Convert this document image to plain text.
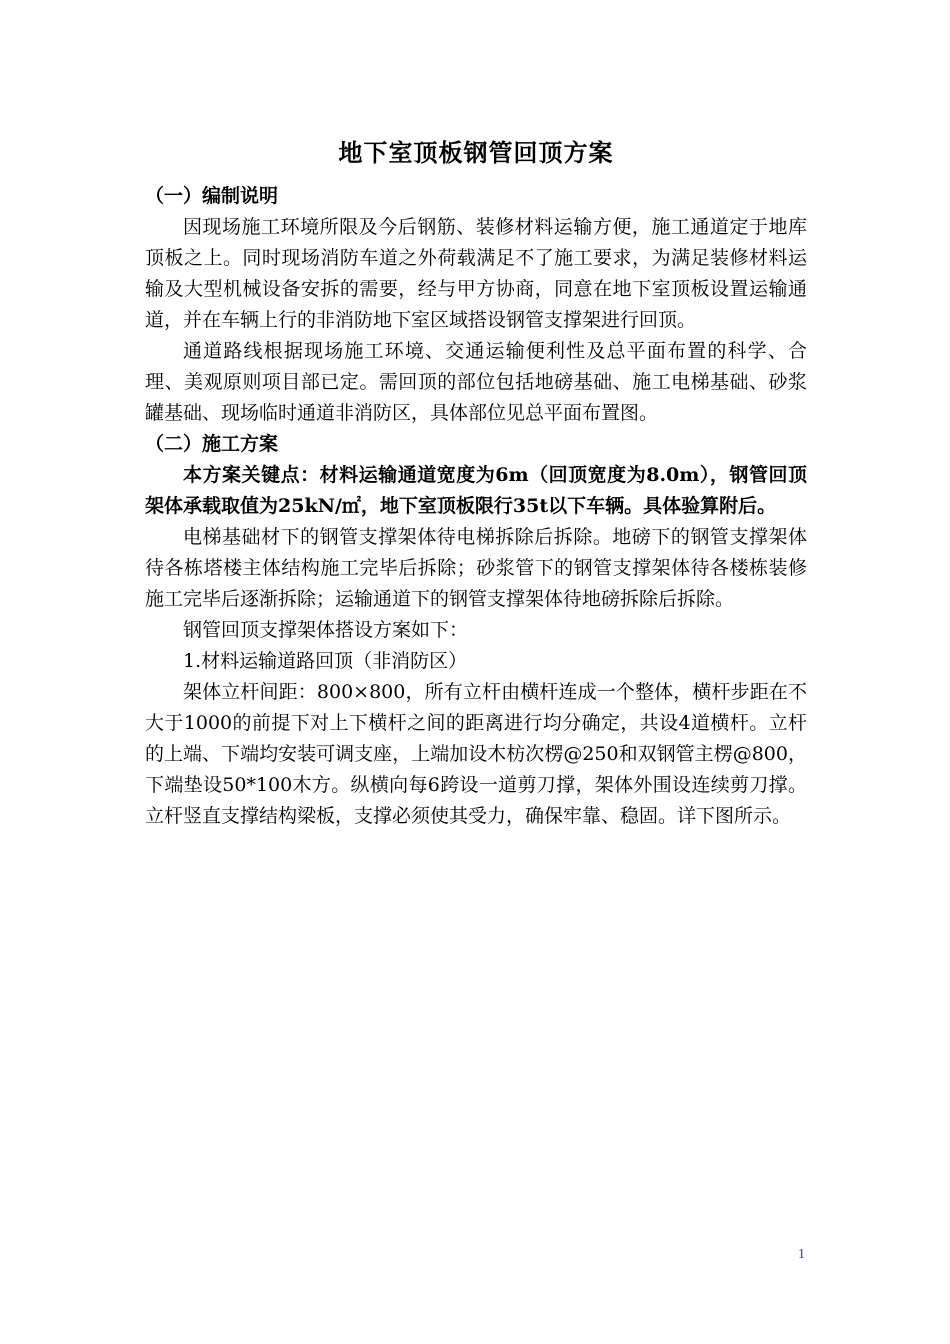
地下室顶板钢管回顶方案

（一）编制说明

因现场施工环境所限及今后钢筋、装修材料运输方便，施工通道定于地库顶板之上。同时现场消防车道之外荷载满足不了施工要求，为满足装修材料运输及大型机械设备安拆的需要，经与甲方协商，同意在地下室顶板设置运输通道，并在车辆上行的非消防地下室区域搭设钢管支撑架进行回顶。

通道路线根据现场施工环境、交通运输便利性及总平面布置的科学、合理、美观原则项目部已定。需回顶的部位包括地磅基础、施工电梯基础、砂浆罐基础、现场临时通道非消防区，具体部位见总平面布置图。

（二）施工方案

本方案关键点：材料运输通道宽度为6m（回顶宽度为8.0m），钢管回顶架体承载取值为25kN/㎡，地下室顶板限行35t以下车辆。具体验算附后。

电梯基础材下的钢管支撑架体待电梯拆除后拆除。地磅下的钢管支撑架体待各栋塔楼主体结构施工完毕后拆除；砂浆管下的钢管支撑架体待各楼栋装修施工完毕后逐渐拆除；运输通道下的钢管支撑架体待地磅拆除后拆除。

钢管回顶支撑架体搭设方案如下：

1.材料运输道路回顶（非消防区）

架体立杆间距：800×800，所有立杆由横杆连成一个整体，横杆步距在不大于1000的前提下对上下横杆之间的距离进行均分确定，共设4道横杆。立杆的上端、下端均安装可调支座，上端加设木枋次楞@250和双钢管主楞@800，下端垫设50*100木方。纵横向每6跨设一道剪刀撑，架体外围设连续剪刀撑。立杆竖直支撑结构梁板，支撑必须使其受力，确保牢靠、稳固。详下图所示。

1
